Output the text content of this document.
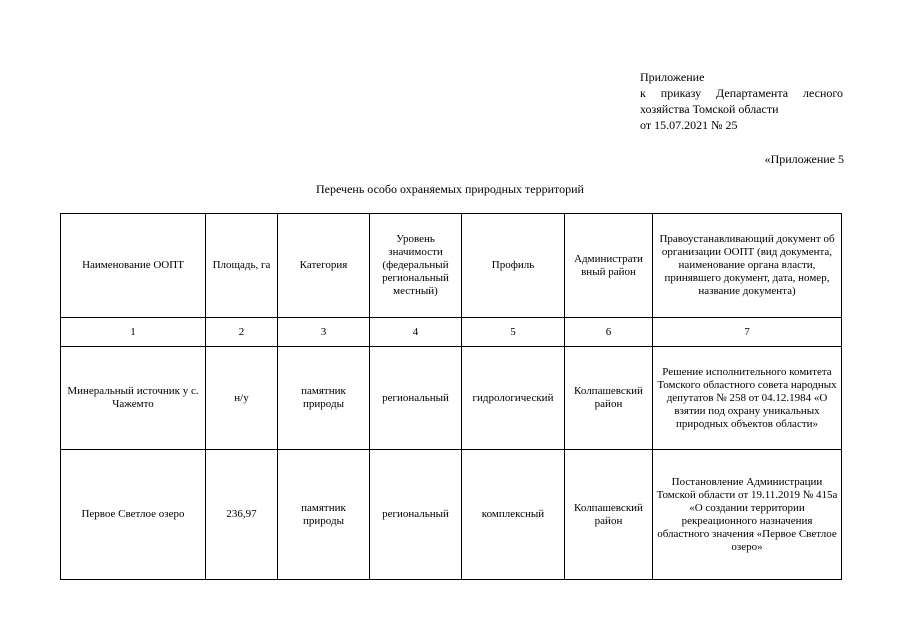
Приложение
к приказу Департамента лесного
хозяйства Томской области
от 15.07.2021 № 25
«Приложение 5
Перечень особо охраняемых природных территорий
Наименование ООПТ	Площадь, га	Категория	Уровень значимости (федеральный региональный местный)	Профиль	Администрати вный район	Правоустанавливающий документ об организации ООПТ (вид документа, наименование органа власти, принявшего документ, дата, номер, название документа)
1	2	3	4	5	6	7
Минеральный источник у с. Чажемто	н/у	памятник природы	региональный	гидрологический	Колпашевский район	Решение исполнительного комитета Томского областного совета народных депутатов № 258 от 04.12.1984 «О взятии под охрану уникальных природных объектов области»
Первое Светлое озеро	236,97	памятник природы	региональный	комплексный	Колпашевский район	Постановление Администрации Томской области от 19.11.2019 № 415а «О создании территории рекреационного назначения областного значения «Первое Светлое озеро»
